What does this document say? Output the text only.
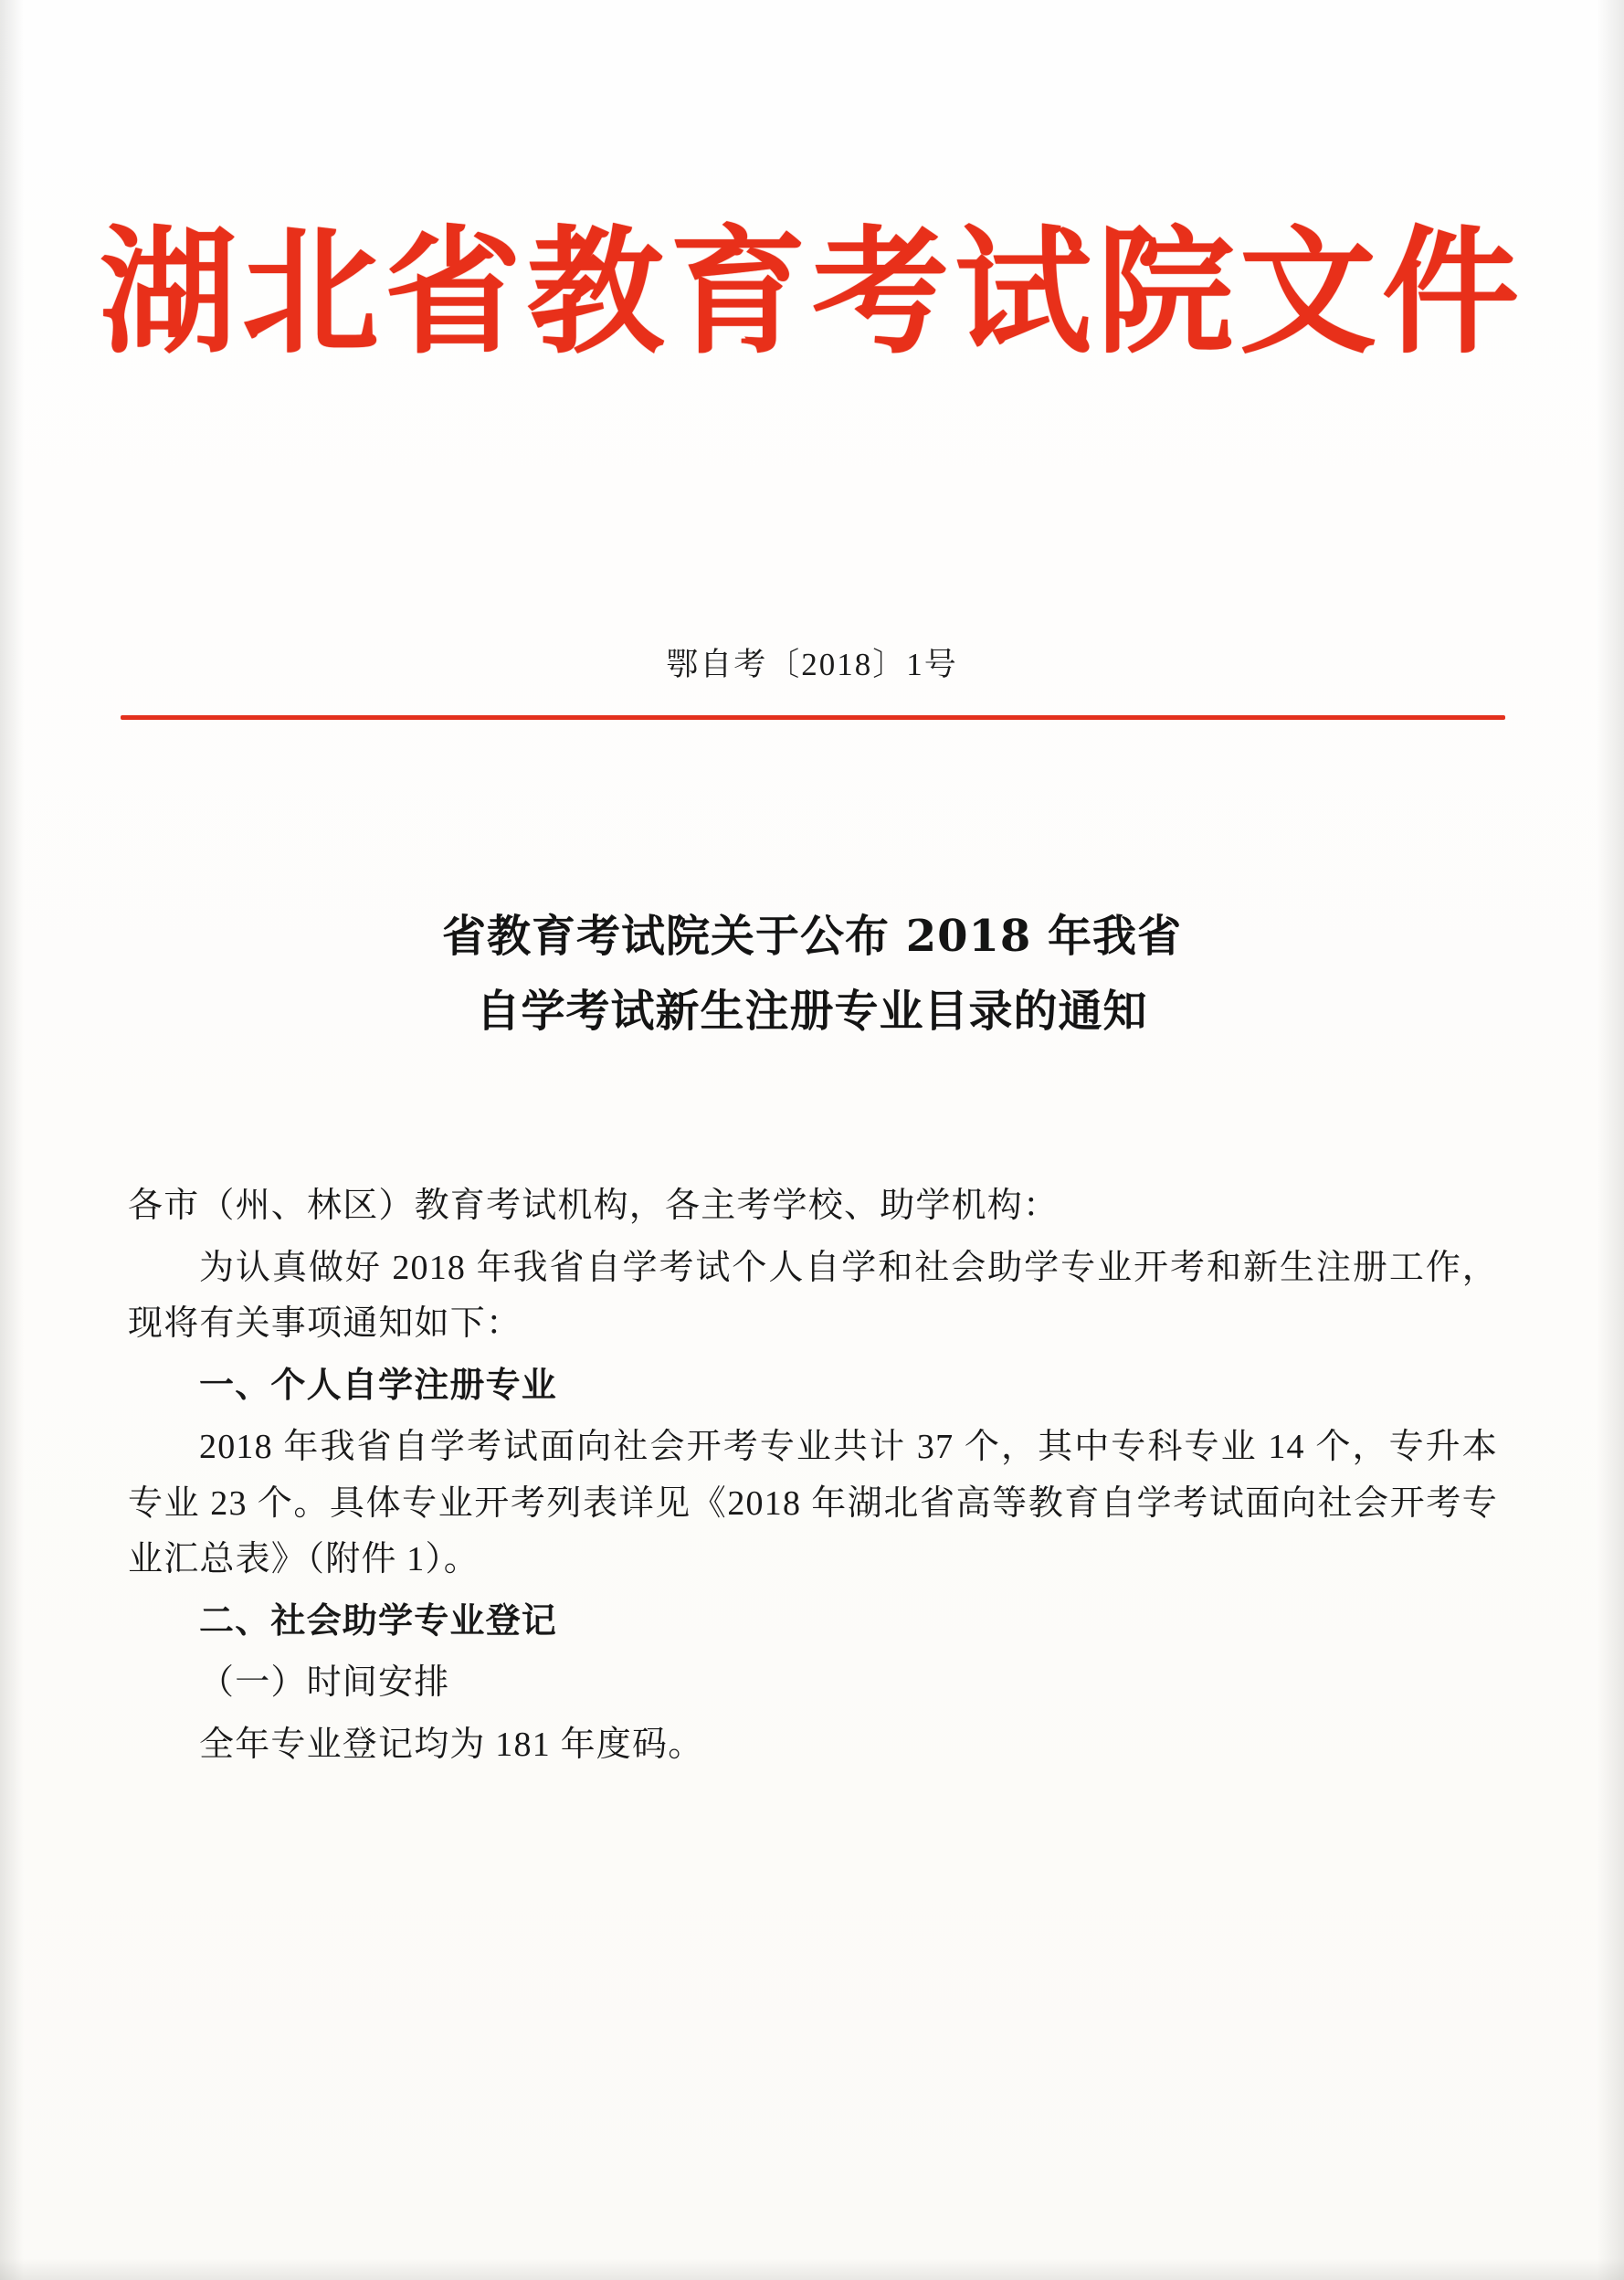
湖北省教育考试院文件
鄂自考〔2018〕1号
省教育考试院关于公布 2018 年我省
自学考试新生注册专业目录的通知

各市（州、林区）教育考试机构，各主考学校、助学机构：

为认真做好 2018 年我省自学考试个人自学和社会助学专业开考和新生注册工作，现将有关事项通知如下：

一、个人自学注册专业

2018 年我省自学考试面向社会开考专业共计 37 个，其中专科专业 14 个，专升本专业 23 个。具体专业开考列表详见《2018 年湖北省高等教育自学考试面向社会开考专业汇总表》（附件 1）。

二、社会助学专业登记

（一）时间安排

全年专业登记均为 181 年度码。
